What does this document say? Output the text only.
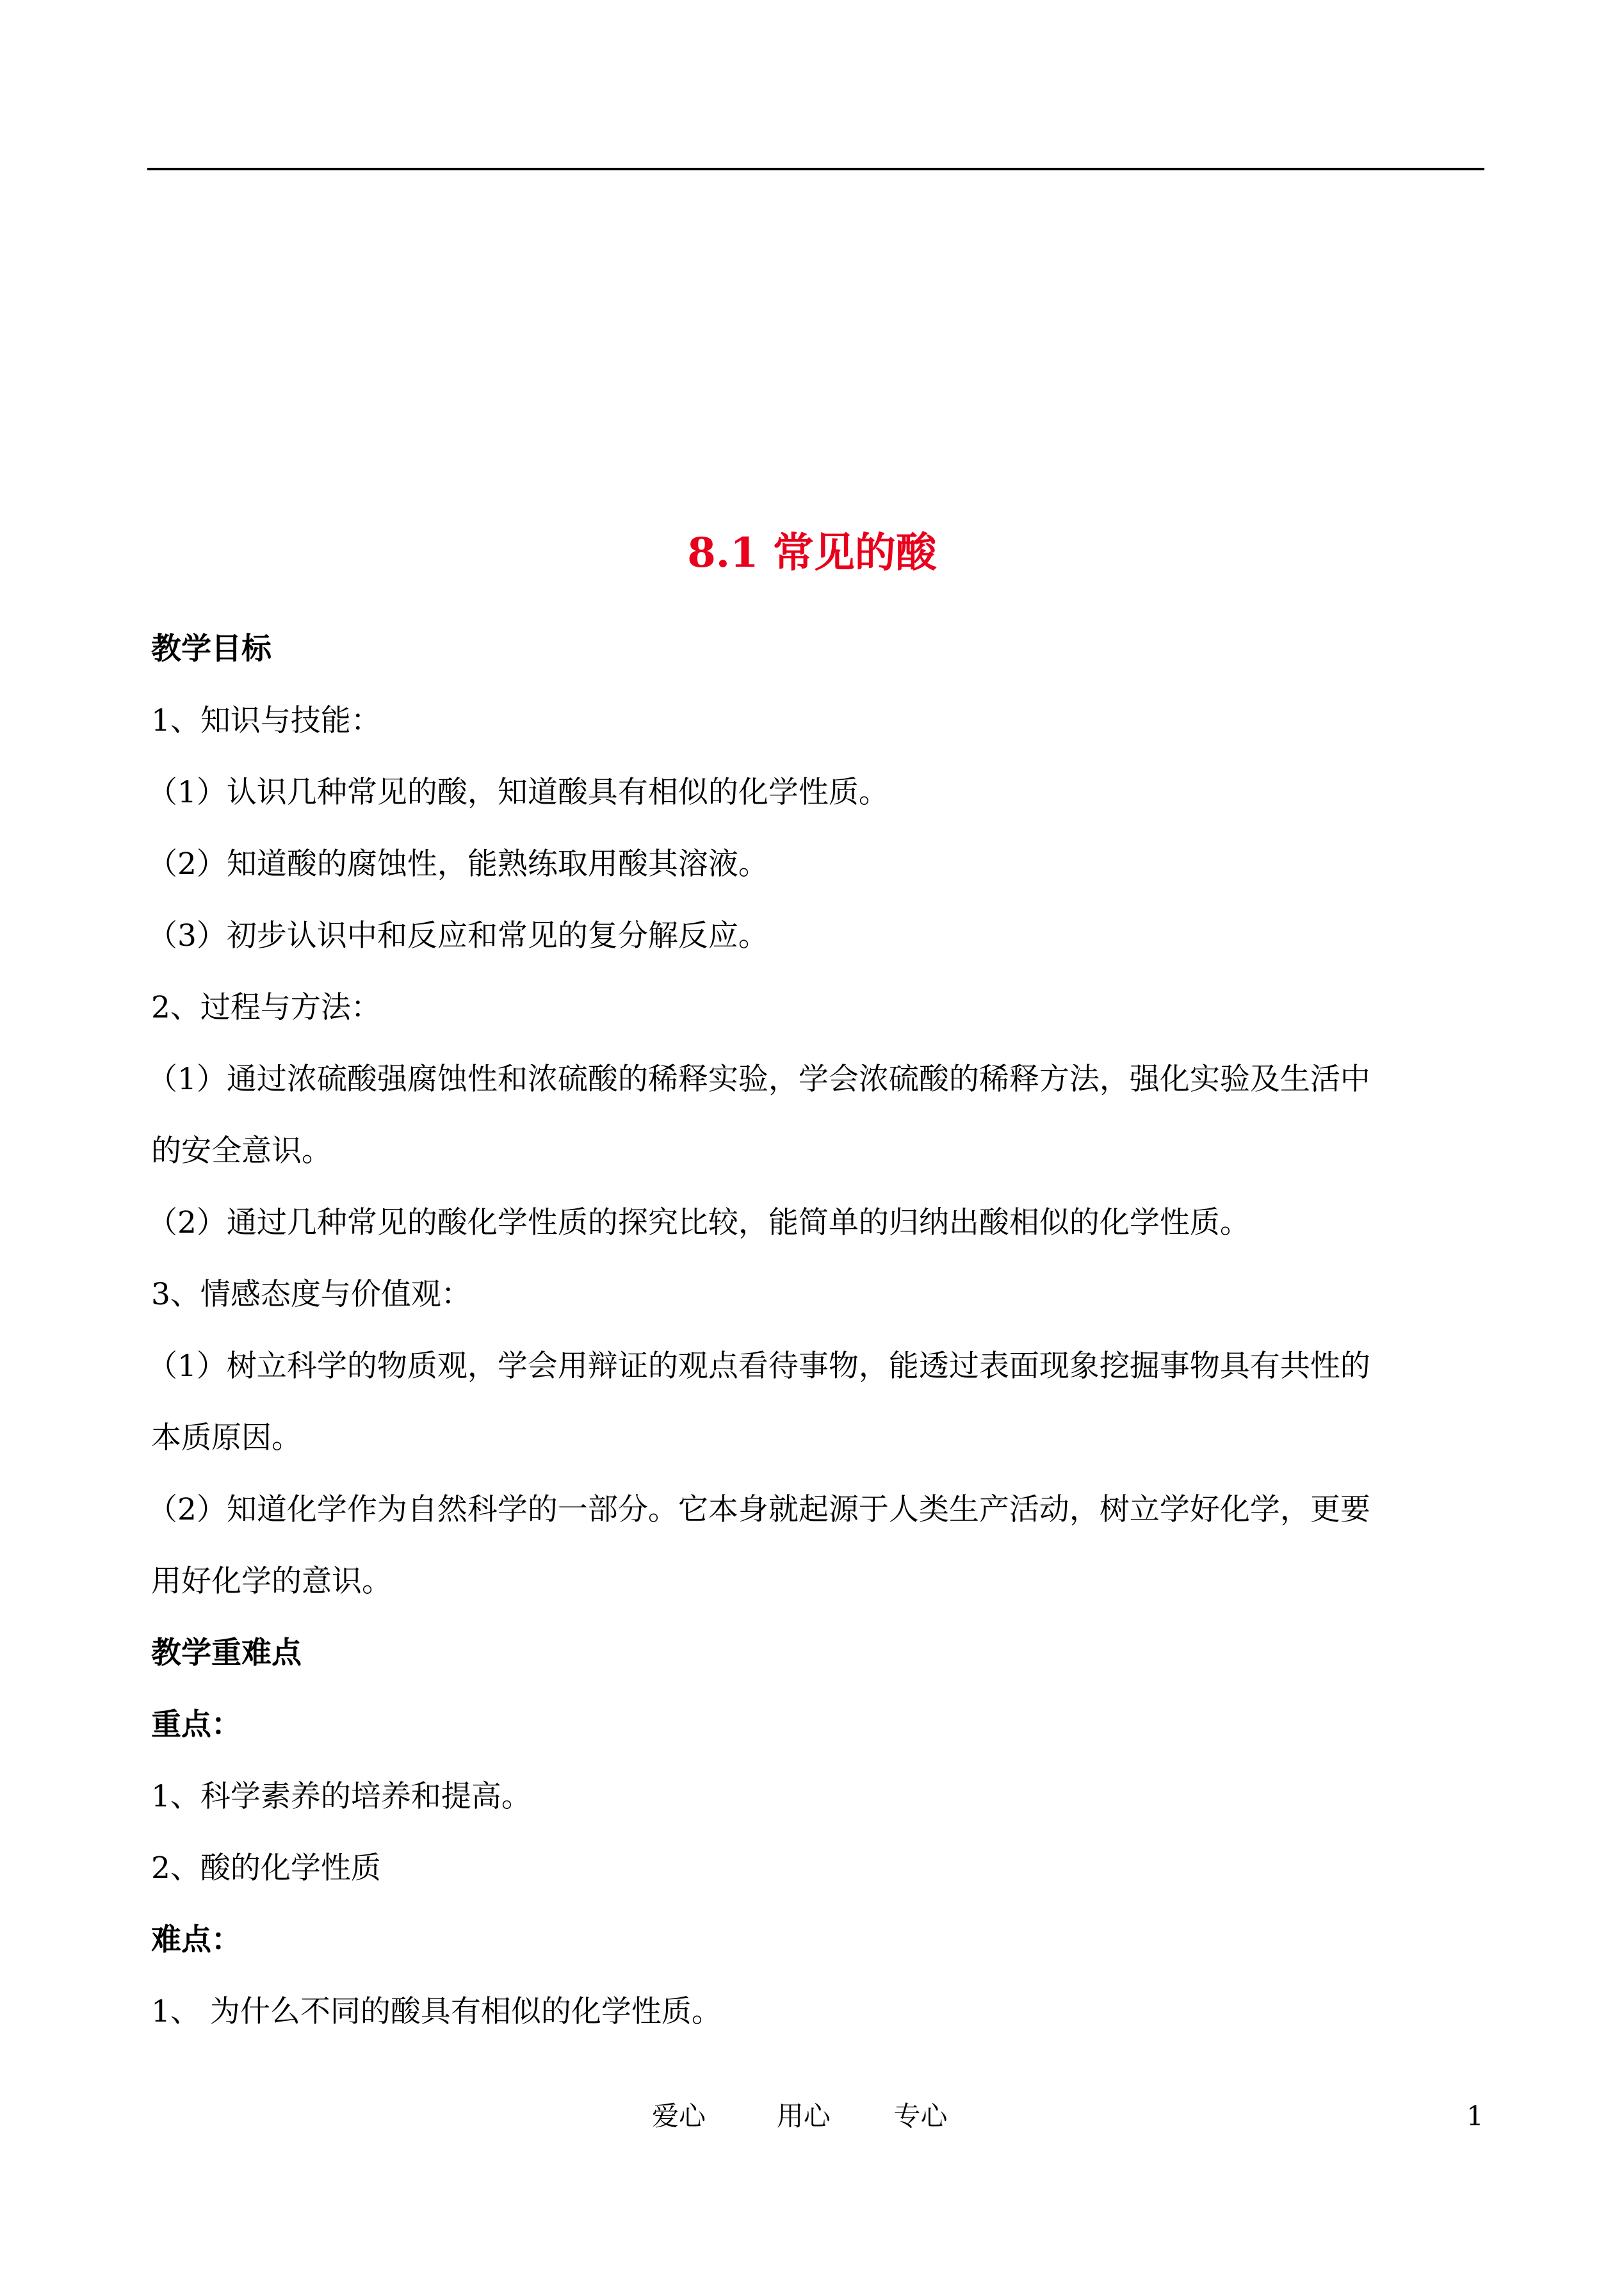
8.1 常见的酸

教学目标

1、知识与技能：

（1）认识几种常见的酸，知道酸具有相似的化学性质。

（2）知道酸的腐蚀性，能熟练取用酸其溶液。

（3）初步认识中和反应和常见的复分解反应。

2、过程与方法：

（1）通过浓硫酸强腐蚀性和浓硫酸的稀释实验，学会浓硫酸的稀释方法，强化实验及生活中

的安全意识。

（2）通过几种常见的酸化学性质的探究比较，能简单的归纳出酸相似的化学性质。

3、情感态度与价值观：

（1）树立科学的物质观，学会用辩证的观点看待事物，能透过表面现象挖掘事物具有共性的

本质原因。

（2）知道化学作为自然科学的一部分。它本身就起源于人类生产活动，树立学好化学，更要

用好化学的意识。

教学重难点

重点：

1、科学素养的培养和提高。

2、酸的化学性质

难点：

1、 为什么不同的酸具有相似的化学性质。

爱心	用心 专心	1
